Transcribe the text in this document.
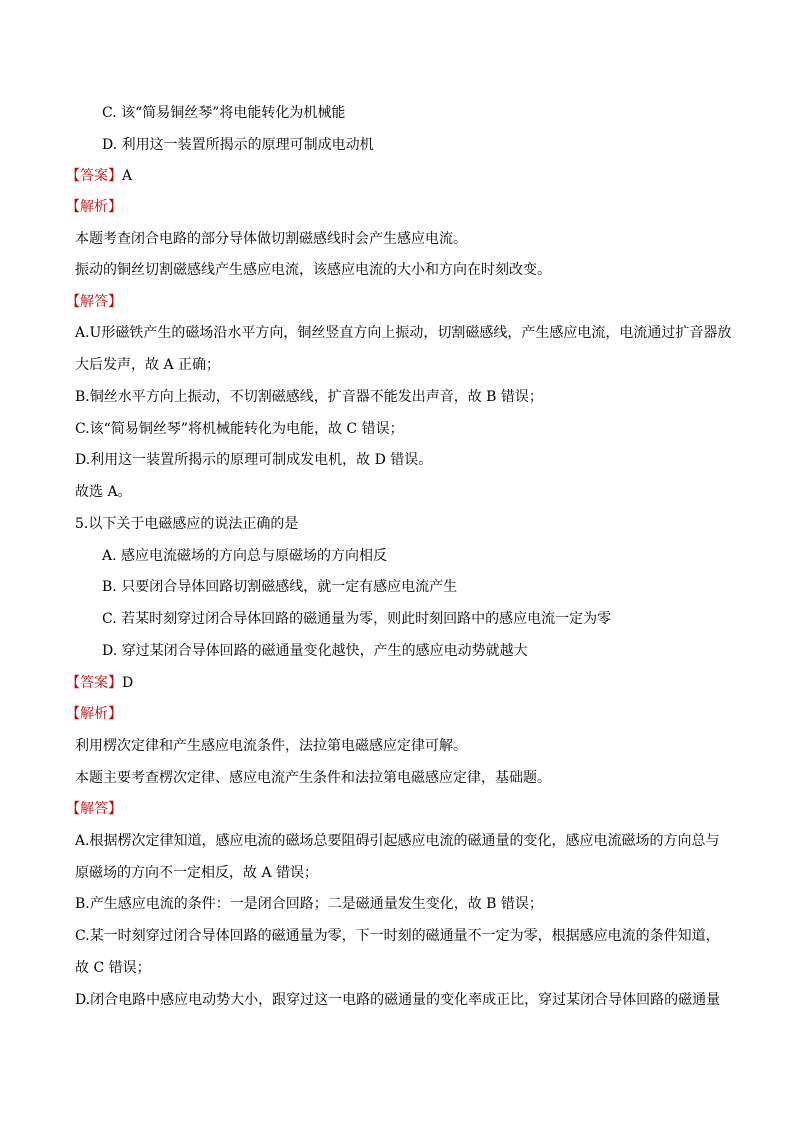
C. 该“简易铜丝琴”将电能转化为机械能
D. 利用这一装置所揭示的原理可制成电动机
【答案】A
【解析】
本题考查闭合电路的部分导体做切割磁感线时会产生感应电流。
振动的铜丝切割磁感线产生感应电流，该感应电流的大小和方向在时刻改变。
【解答】
A.U形磁铁产生的磁场沿水平方向，铜丝竖直方向上振动，切割磁感线，产生感应电流，电流通过扩音器放
大后发声，故 A 正确；
B.铜丝水平方向上振动，不切割磁感线，扩音器不能发出声音，故 B 错误；
C.该“简易铜丝琴”将机械能转化为电能，故 C 错误；
D.利用这一装置所揭示的原理可制成发电机，故 D 错误。
故选 A。
5.以下关于电磁感应的说法正确的是
A. 感应电流磁场的方向总与原磁场的方向相反
B. 只要闭合导体回路切割磁感线，就一定有感应电流产生
C. 若某时刻穿过闭合导体回路的磁通量为零，则此时刻回路中的感应电流一定为零
D. 穿过某闭合导体回路的磁通量变化越快，产生的感应电动势就越大
【答案】D
【解析】
利用楞次定律和产生感应电流条件，法拉第电磁感应定律可解。
本题主要考查楞次定律、感应电流产生条件和法拉第电磁感应定律，基础题。
【解答】
A.根据楞次定律知道，感应电流的磁场总要阻碍引起感应电流的磁通量的变化，感应电流磁场的方向总与
原磁场的方向不一定相反，故 A 错误；
B.产生感应电流的条件：一是闭合回路；二是磁通量发生变化，故 B 错误；
C.某一时刻穿过闭合导体回路的磁通量为零，下一时刻的磁通量不一定为零，根据感应电流的条件知道，
故 C 错误；
D.闭合电路中感应电动势大小，跟穿过这一电路的磁通量的变化率成正比，穿过某闭合导体回路的磁通量
